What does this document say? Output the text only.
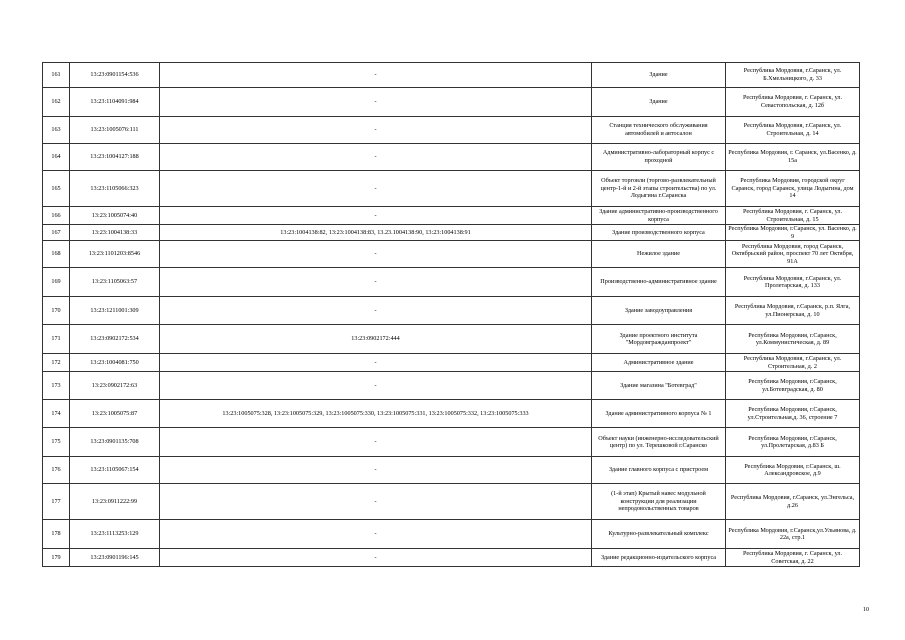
161	13:23:0901154:536	-	Здание	Республика Мордовия, г.Саранск, ул. Б.Хмельницкого, д. 33
162	13:23:1104091:984	-	Здание	Республика Мордовия, г. Саранск, ул. Севастопольская, д. 12б
163	13:23:1005076:111	-	Станция технического обслуживания автомобилей и автосалон	Республика Мордовия, г.Саранск, ул. Строительная, д. 14
164	13:23:1004127:188	-	Административно-лабораторный корпус с проходной	Республика Мордовия, г. Саранск, ул.Васенко, д. 15а
165	13:23:1105066:323	-	Объект торговли (торгово-развлекательный центр-1-й и 2-й этапы строительства) по ул. Лодыгина г.Саранска	Республика Мордовия, городской округ Саранск, город Саранск, улица Лодыгина, дом 14
166	13:23:1005074:40	-	Здание административно-производственного корпуса	Республика Мордовия, г. Саранск, ул. Строительная, д. 15
167	13:23:1004138:33	13:23:1004138:82, 13:23:1004138:83, 13.23.1004138:90, 13:23:1004138:91	Здание производственного корпуса	Республика Мордовия, г.Саранск, ул. Васенко, д. 9
168	13:23:1101203:8546	-	Нежилое здание	Республика Мордовия, город Саранск, Октябрьский район, проспект 70 лет Октября, 91А
169	13:23:1105063:57	-	Производственно-административное здание	Республика Мордовия, г.Саранск, ул. Пролетарская, д. 133
170	13:23:1211001:309	-	Здание заводоуправления	Республика Мордовия, г.Саранск, р.п. Ялга, ул.Пионерская, д. 10
171	13:23:0902172:534	13:23:0902172:444	Здание проектного института "Мордовгражданпроект"	Республика Мордовия, г.Саранск, ул.Коммунистическая, д. 89
172	13:23:1004081:750	-	Административное здание	Республика Мордовия, г.Саранск, ул. Строительная, д. 2
173	13:23:0902172:63	-	Здание магазина "Ботевград"	Республика Мордовия, г.Саранск, ул.Ботевградская, д. 80
174	13:23:1005075:87	13:23:1005075:328, 13:23:1005075:329, 13:23:1005075:330, 13:23:1005075:331, 13:23:1005075:332, 13:23:1005075:333	Здание административного корпуса № 1	Республика Мордовия, г.Саранск, ул.Строительная,д. 36, строение 7
175	13:23:0901135:708	-	Объект науки (инженерно-исследовательский центр) по ул. Терешковой г.Саранско	Республика Мордовия, г.Саранск, ул.Пролетарская, д.83 Б
176	13:23:1105067:154	-	Здание главного корпуса с пристроем	Республика Мордовия, г.Саранск, ш. Александровское, д.9
177	13:23:0911222:99	-	(1-й этап) Крытый навес модульной конструкции для реализации непродовольственных товаров	Республика Мордовия, г.Саранск, ул.Энгельса, д.26
178	13:23:1113253:129	-	Культурно-развлекательный комплекс	Республика Мордовия, г.Саранск,ул.Ульянова, д. 22а, стр.1
179	13:23:0901196:145	-	Здание редакционно-издательского корпуса	Республика Мордовия, г. Саранск, ул. Советская, д. 22
10
